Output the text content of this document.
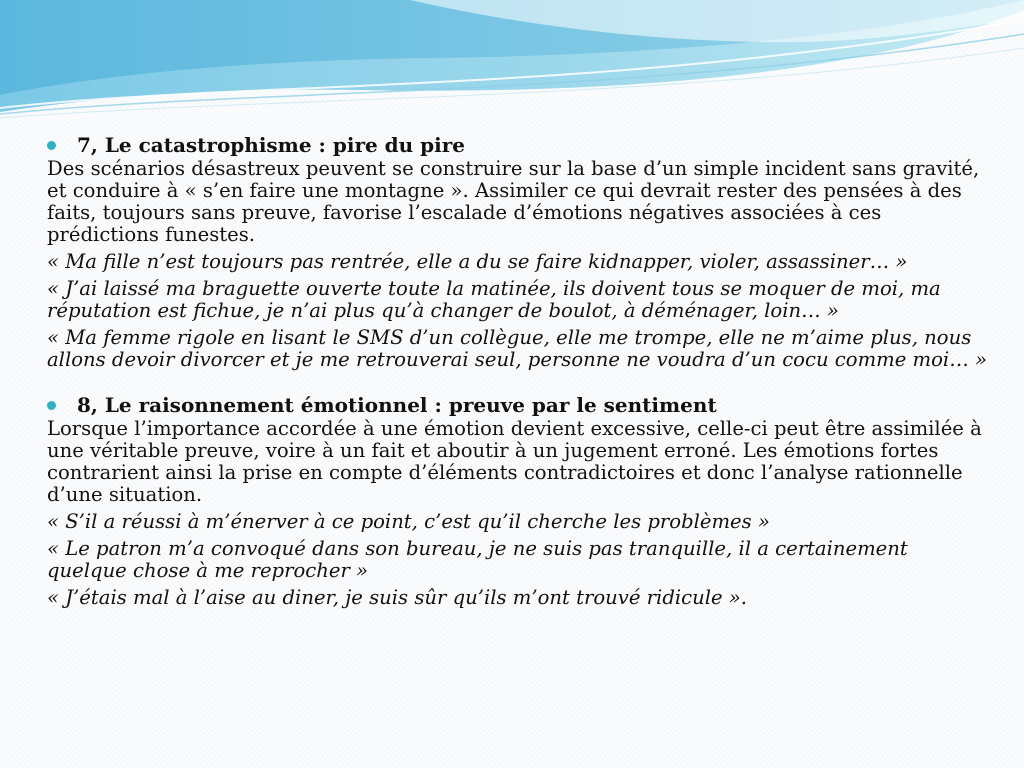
7, Le catastrophisme : pire du pire

Des scénarios désastreux peuvent se construire sur la base d’un simple incident sans gravité, et conduire à « s’en faire une montagne ». Assimiler ce qui devrait rester des pensées à des faits, toujours sans preuve, favorise l’escalade d’émotions négatives associées à ces prédictions funestes.

« Ma fille n’est toujours pas rentrée, elle a du se faire kidnapper, violer, assassiner… »

« J’ai laissé ma braguette ouverte toute la matinée, ils doivent tous se moquer de moi, ma réputation est fichue, je n’ai plus qu’à changer de boulot, à déménager, loin… »

« Ma femme rigole en lisant le SMS d’un collègue, elle me trompe, elle ne m’aime plus, nous allons devoir divorcer et je me retrouverai seul, personne ne voudra d’un cocu comme moi… »

8, Le raisonnement émotionnel : preuve par le sentiment

Lorsque l’importance accordée à une émotion devient excessive, celle-ci peut être assimilée à une véritable preuve, voire à un fait et aboutir à un jugement erroné. Les émotions fortes contrarient ainsi la prise en compte d’éléments contradictoires et donc l’analyse rationnelle d’une situation.

« S’il a réussi à m’énerver à ce point, c’est qu’il cherche les problèmes »

« Le patron m’a convoqué dans son bureau, je ne suis pas tranquille, il a certainement quelque chose à me reprocher »

« J’étais mal à l’aise au diner, je suis sûr qu’ils m’ont trouvé ridicule ».
